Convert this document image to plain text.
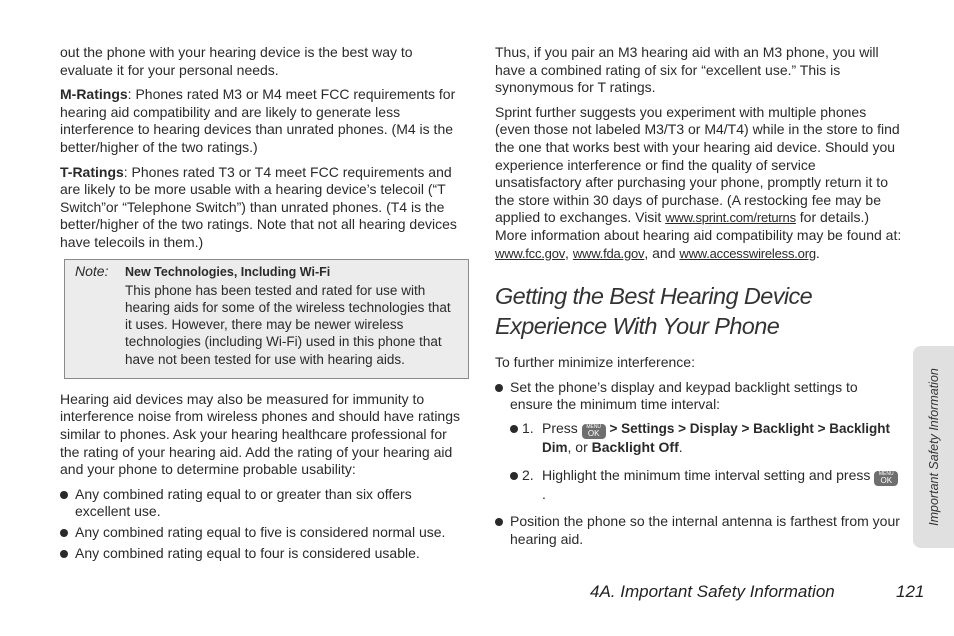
out the phone with your hearing device is the best way to evaluate it for your personal needs.

M-Ratings: Phones rated M3 or M4 meet FCC requirements for hearing aid compatibility and are likely to generate less interference to hearing devices than unrated phones. (M4 is the better/higher of the two ratings.)

T-Ratings: Phones rated T3 or T4 meet FCC requirements and are likely to be more usable with a hearing device’s telecoil (“T Switch”or “Telephone Switch”) than unrated phones. (T4 is the better/higher of the two ratings. Note that not all hearing devices have telecoils in them.)

Note:	New Technologies, Including Wi-Fi
This phone has been tested and rated for use with hearing aids for some of the wireless technologies that it uses. However, there may be newer wireless technologies (including Wi-Fi) used in this phone that have not been tested for use with hearing aids.

Hearing aid devices may also be measured for immunity to interference noise from wireless phones and should have ratings similar to phones. Ask your hearing healthcare professional for the rating of your hearing aid. Add the rating of your hearing aid and your phone to determine probable usability:

Any combined rating equal to or greater than six offers excellent use.
Any combined rating equal to five is considered normal use.
Any combined rating equal to four is considered usable.

Thus, if you pair an M3 hearing aid with an M3 phone, you will have a combined rating of six for “excellent use.” This is synonymous for T ratings.

Sprint further suggests you experiment with multiple phones (even those not labeled M3/T3 or M4/T4) while in the store to find the one that works best with your hearing aid device. Should you experience interference or find the quality of service unsatisfactory after purchasing your phone, promptly return it to the store within 30 days of purchase. (A restocking fee may be applied to exchanges. Visit www.sprint.com/returns for details.) More information about hearing aid compatibility may be found at: www.fcc.gov, www.fda.gov, and www.accesswireless.org.

Getting the Best Hearing Device Experience With Your Phone

To further minimize interference:

Set the phone’s display and keypad backlight settings to ensure the minimum time interval:
1. Press MENU
OK > Settings > Display > Backlight > Backlight Dim, or Backlight Off.
2. Highlight the minimum time interval setting and press MENU
OK
.
Position the phone so the internal antenna is farthest from your hearing aid.
Important Safety Information
4A. Important Safety Information	121
